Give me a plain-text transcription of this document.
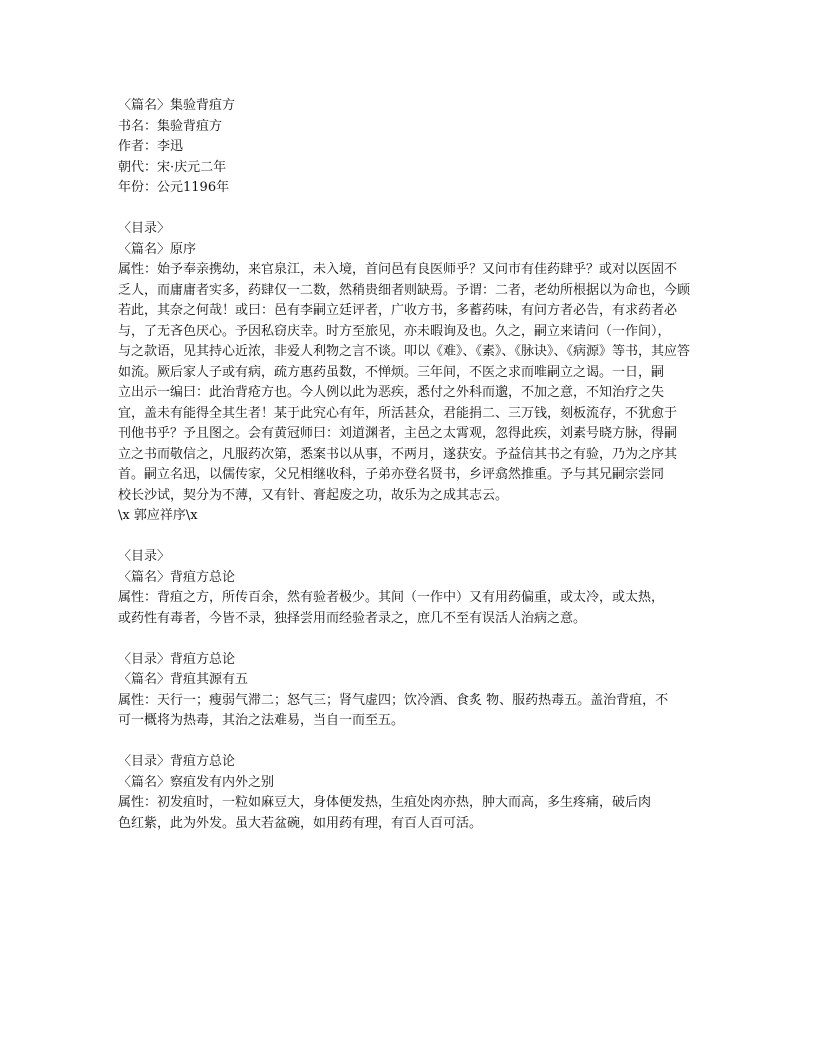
〈篇名〉集验背疽方
书名：集验背疽方
作者：李迅
朝代：宋·庆元二年
年份：公元1196年
〈目录〉
〈篇名〉原序
属性：始予奉亲携幼，来官泉江，未入境，首问邑有良医师乎？又问市有佳药肆乎？或对以医固不
乏人，而庸庸者实多，药肆仅一二数，然稍贵细者则缺焉。予谓：二者，老幼所根据以为命也，今顾
若此，其奈之何哉！或曰：邑有李嗣立廷评者，广收方书，多蓄药味，有问方者必告，有求药者必
与，了无吝色厌心。予因私窃庆幸。时方至旅见，亦未暇询及也。久之，嗣立来请问（一作间），
与之款语，见其持心近浓，非爱人利物之言不谈。叩以《难》、《素》、《脉诀》、《病源》等书，其应答
如流。厥后家人子或有病，疏方惠药虽数，不惮烦。三年间，不医之求而唯嗣立之谒。一日，嗣
立出示一编曰：此治背疮方也。今人例以此为恶疾，悉付之外科而邈，不加之意，不知治疗之失
宜，盖未有能得全其生者！某于此究心有年，所活甚众，君能捐二、三万钱，刻板流存，不犹愈于
刊他书乎？予且图之。会有黄冠师曰：刘道渊者，主邑之太霄观，忽得此疾，刘素号晓方脉，得嗣
立之书而敬信之，凡服药次第，悉案书以从事，不两月，遂获安。予益信其书之有验，乃为之序其
首。嗣立名迅，以儒传家，父兄相继收科，子弟亦登名贤书，乡评翕然推重。予与其兄嗣宗尝同
校长沙试，契分为不薄，又有针、膏起废之功，故乐为之成其志云。
\x 郭应祥序\x
〈目录〉
〈篇名〉背疽方总论
属性：背疽之方，所传百余，然有验者极少。其间（一作中）又有用药偏重，或太冷，或太热，
或药性有毒者，今皆不录，独择尝用而经验者录之，庶几不至有误活人治病之意。
〈目录〉背疽方总论
〈篇名〉背疽其源有五
属性：天行一；瘦弱气滞二；怒气三；肾气虚四；饮冷酒、食炙 物、服药热毒五。盖治背疽，不
可一概将为热毒，其治之法难易，当自一而至五。
〈目录〉背疽方总论
〈篇名〉察疽发有内外之别
属性：初发疽时，一粒如麻豆大，身体便发热，生疽处肉亦热，肿大而高，多生疼痛，破后肉
色红紫，此为外发。虽大若盆碗，如用药有理，有百人百可活。
